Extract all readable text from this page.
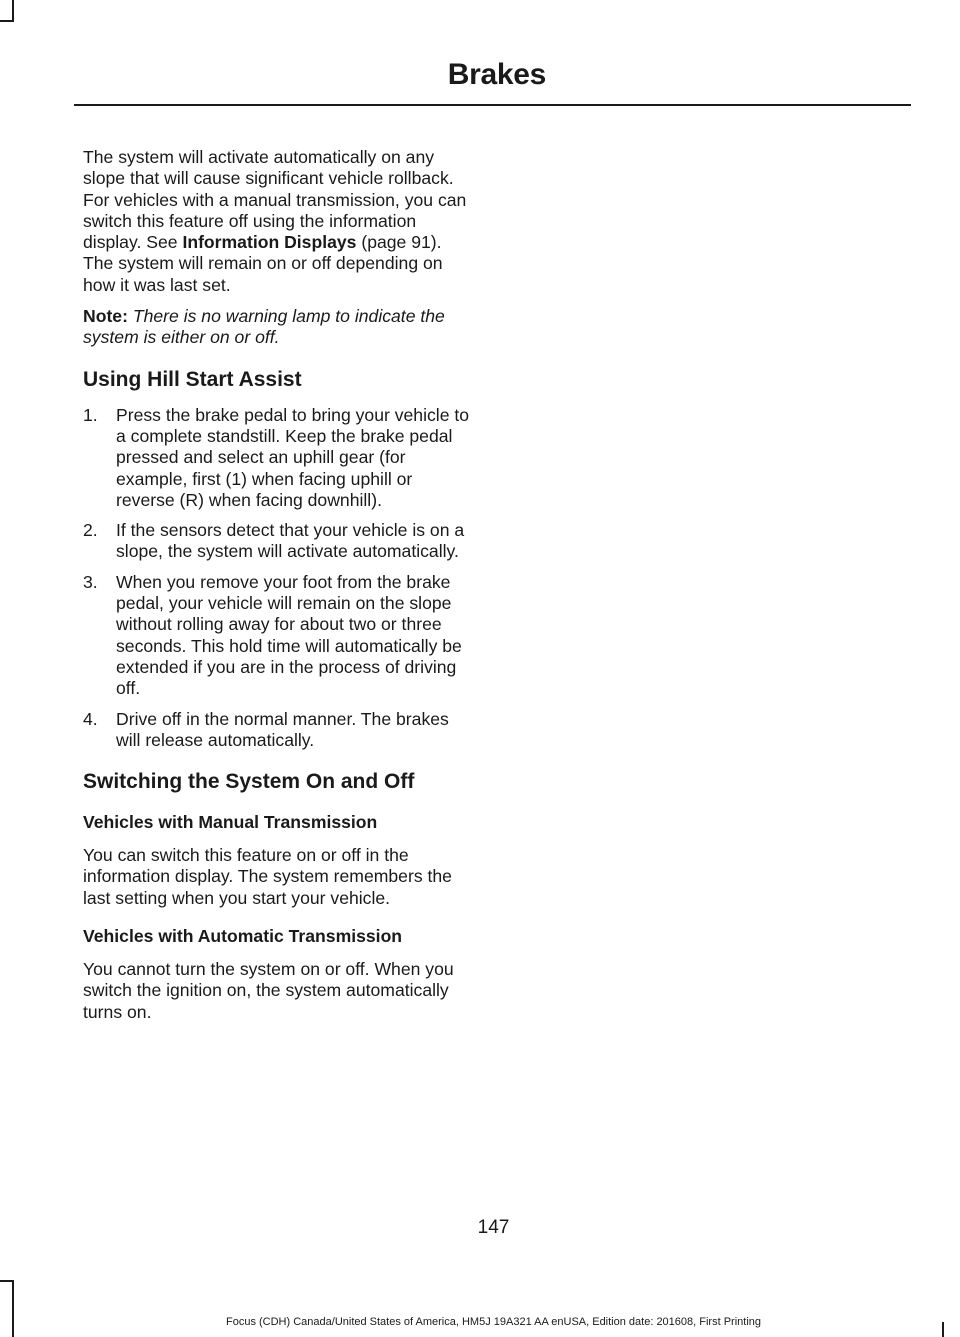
Brakes

The system will activate automatically on any slope that will cause significant vehicle rollback. For vehicles with a manual transmission, you can switch this feature off using the information display. See Information Displays (page 91). The system will remain on or off depending on how it was last set.

Note: There is no warning lamp to indicate the system is either on or off.

Using Hill Start Assist
1. Press the brake pedal to bring your vehicle to a complete standstill. Keep the brake pedal pressed and select an uphill gear (for example, first (1) when facing uphill or reverse (R) when facing downhill).
2. If the sensors detect that your vehicle is on a slope, the system will activate automatically.
3. When you remove your foot from the brake pedal, your vehicle will remain on the slope without rolling away for about two or three seconds. This hold time will automatically be extended if you are in the process of driving off.
4. Drive off in the normal manner. The brakes will release automatically.
Switching the System On and Off
Vehicles with Manual Transmission

You can switch this feature on or off in the information display. The system remembers the last setting when you start your vehicle.

Vehicles with Automatic Transmission

You cannot turn the system on or off. When you switch the ignition on, the system automatically turns on.

147
Focus (CDH) Canada/United States of America, HM5J 19A321 AA enUSA, Edition date: 201608, First Printing
